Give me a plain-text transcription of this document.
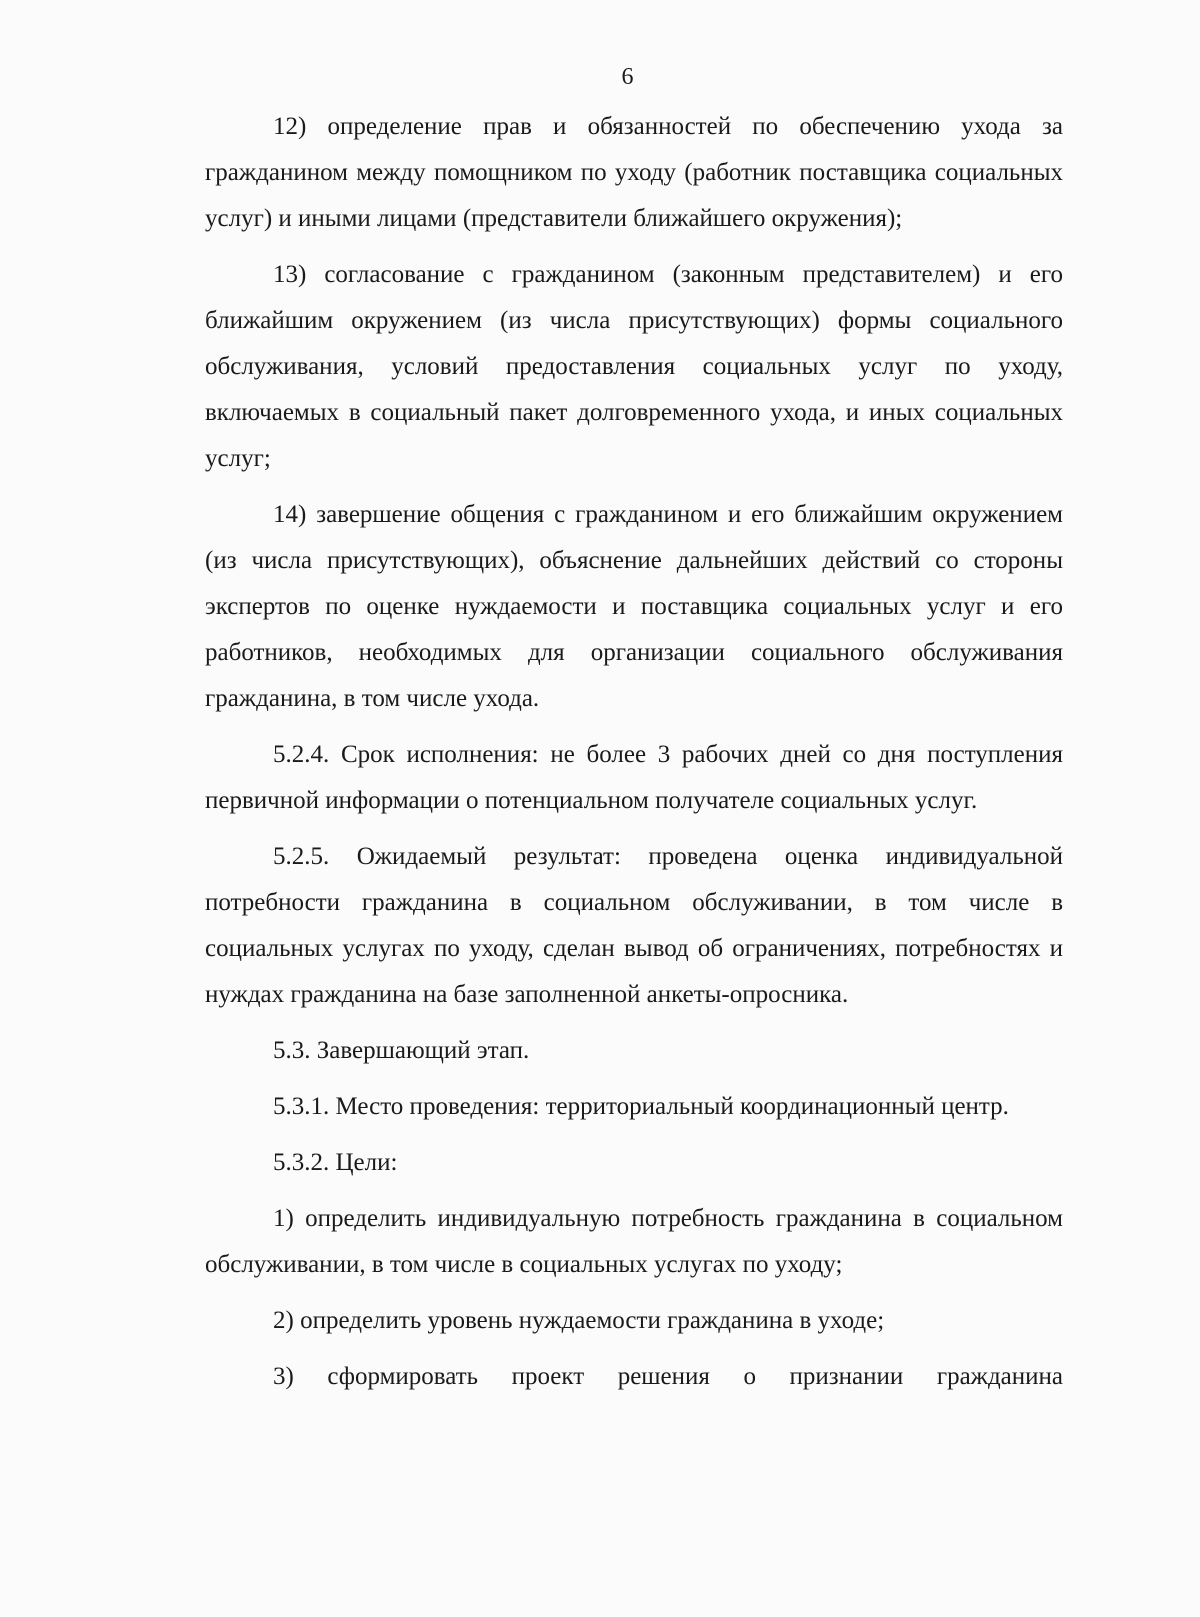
6

12) определение прав и обязанностей по обеспечению ухода за гражданином между помощником по уходу (работник поставщика социальных услуг) и иными лицами (представители ближайшего окружения);

13) согласование с гражданином (законным представителем) и его ближайшим окружением (из числа присутствующих) формы социального обслуживания, условий предоставления социальных услуг по уходу, включаемых в социальный пакет долговременного ухода, и иных социальных услуг;

14) завершение общения с гражданином и его ближайшим окружением (из числа присутствующих), объяснение дальнейших действий со стороны экспертов по оценке нуждаемости и поставщика социальных услуг и его работников, необходимых для организации социального обслуживания гражданина, в том числе ухода.

5.2.4. Срок исполнения: не более 3 рабочих дней со дня поступления первичной информации о потенциальном получателе социальных услуг.

5.2.5. Ожидаемый результат: проведена оценка индивидуальной потребности гражданина в социальном обслуживании, в том числе в социальных услугах по уходу, сделан вывод об ограничениях, потребностях и нуждах гражданина на базе заполненной анкеты-опросника.

5.3. Завершающий этап.

5.3.1. Место проведения: территориальный координационный центр.

5.3.2. Цели:

1) определить индивидуальную потребность гражданина в социальном обслуживании, в том числе в социальных услугах по уходу;

2) определить уровень нуждаемости гражданина в уходе;

3) сформировать проект решения о признании гражданина
